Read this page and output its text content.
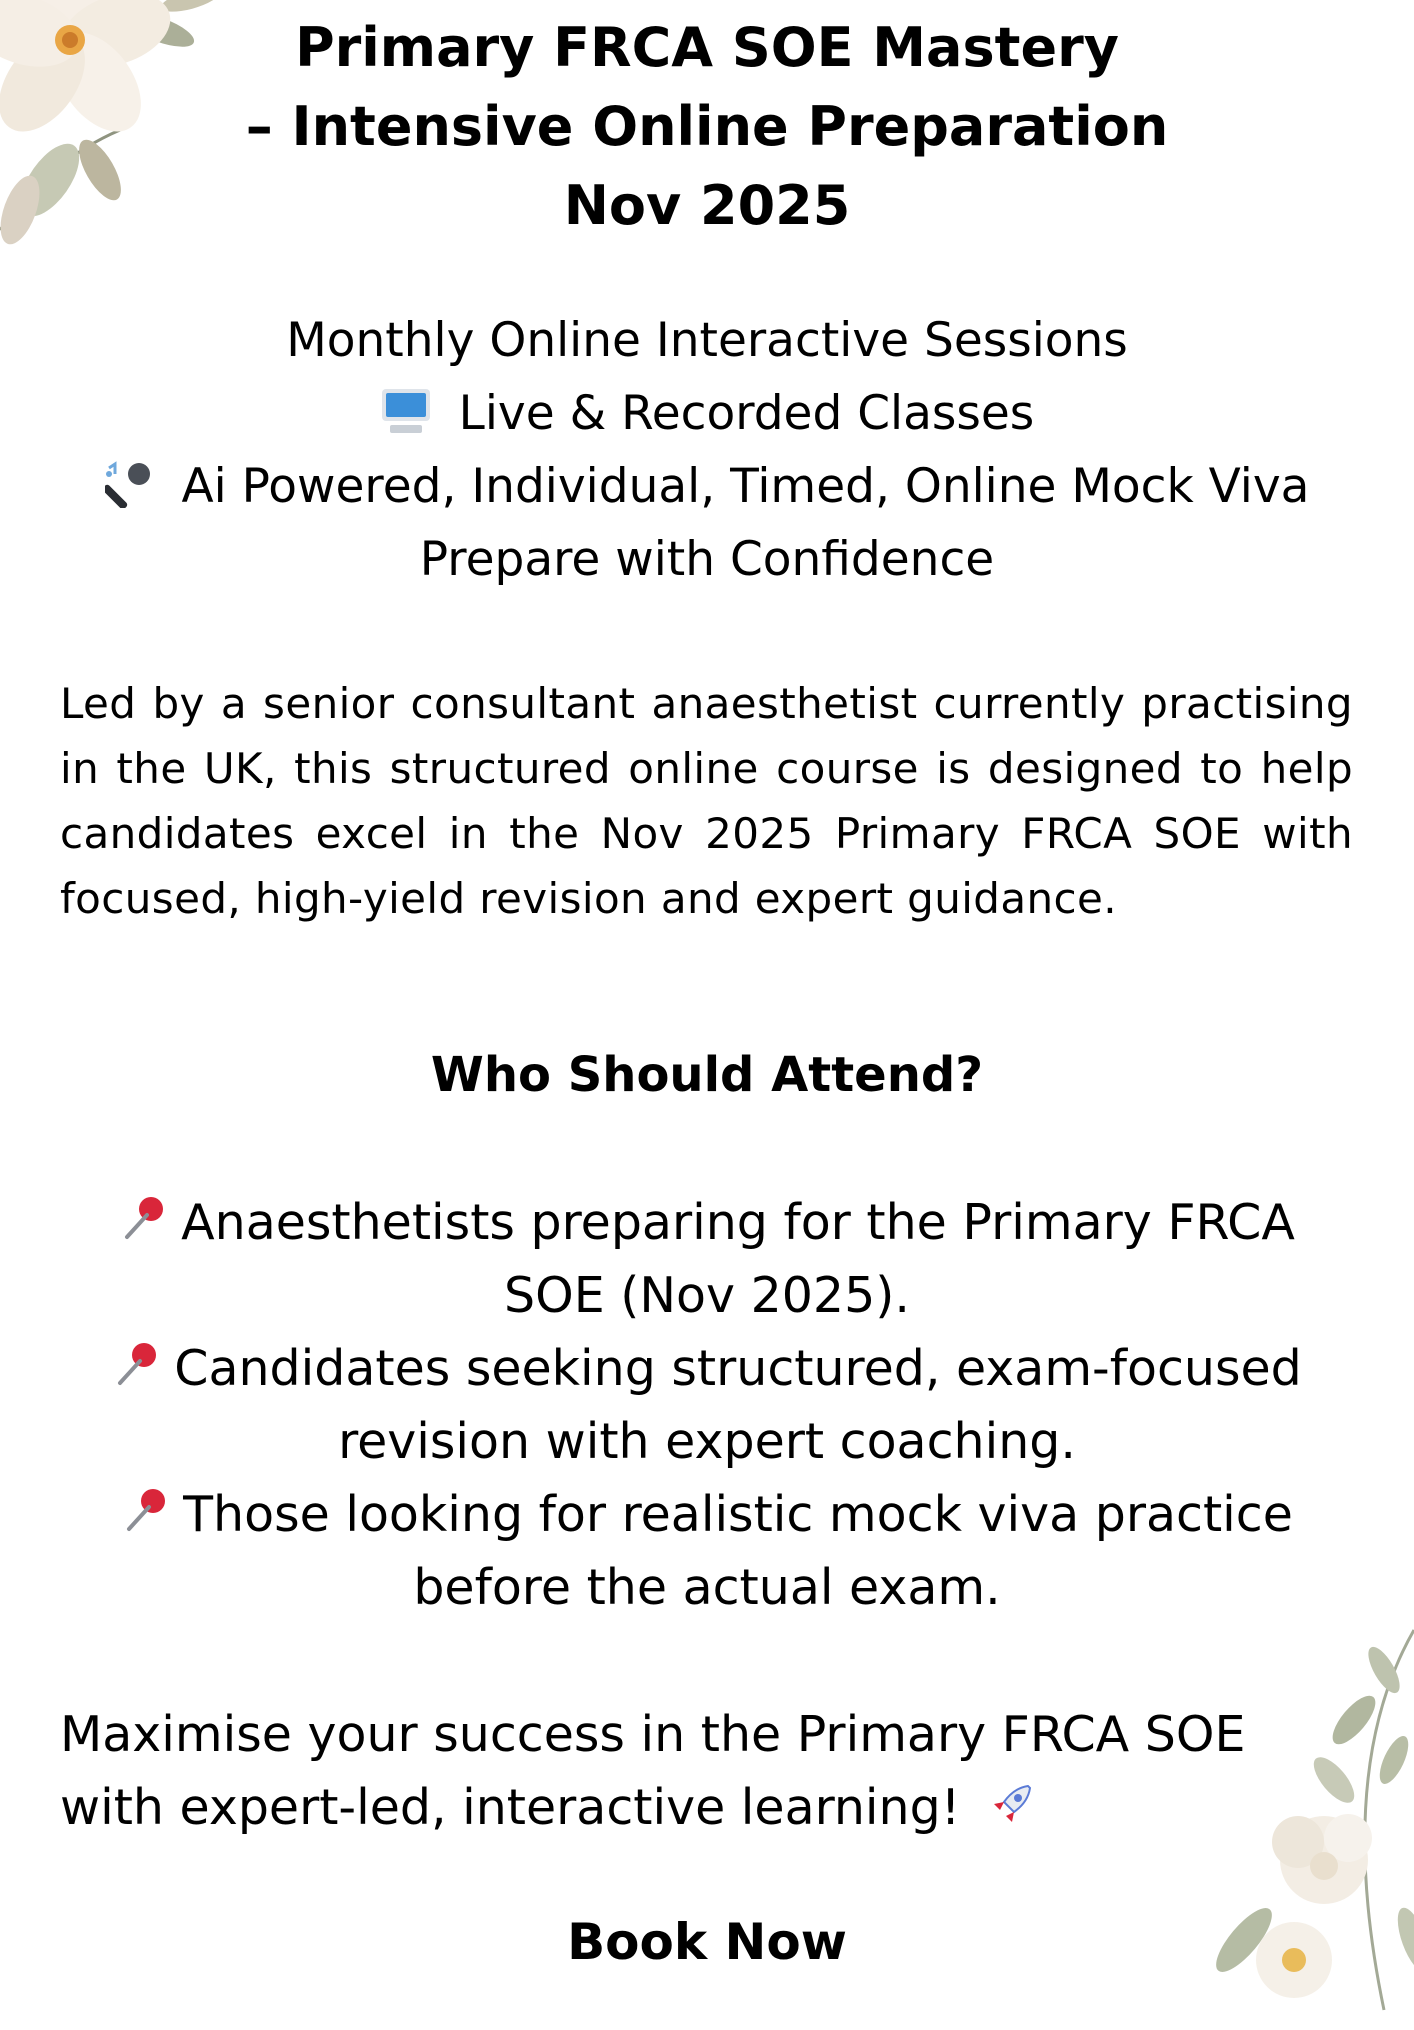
Primary FRCA SOE Mastery
– Intensive Online Preparation
Nov 2025
Monthly Online Interactive Sessions
Live & Recorded Classes
Ai Powered, Individual, Timed, Online Mock Viva
Prepare with Confidence

Led by a senior consultant anaesthetist currently practising in the UK, this structured online course is designed to help candidates excel in the Nov 2025 Primary FRCA SOE with focused, high-yield revision and expert guidance.

Who Should Attend?
Anaesthetists preparing for the Primary FRCA SOE (Nov 2025).
Candidates seeking structured, exam-focused revision with expert coaching.
Those looking for realistic mock viva practice before the actual exam.

Maximise your success in the Primary FRCA SOE
with expert-led, interactive learning!

Book Now
